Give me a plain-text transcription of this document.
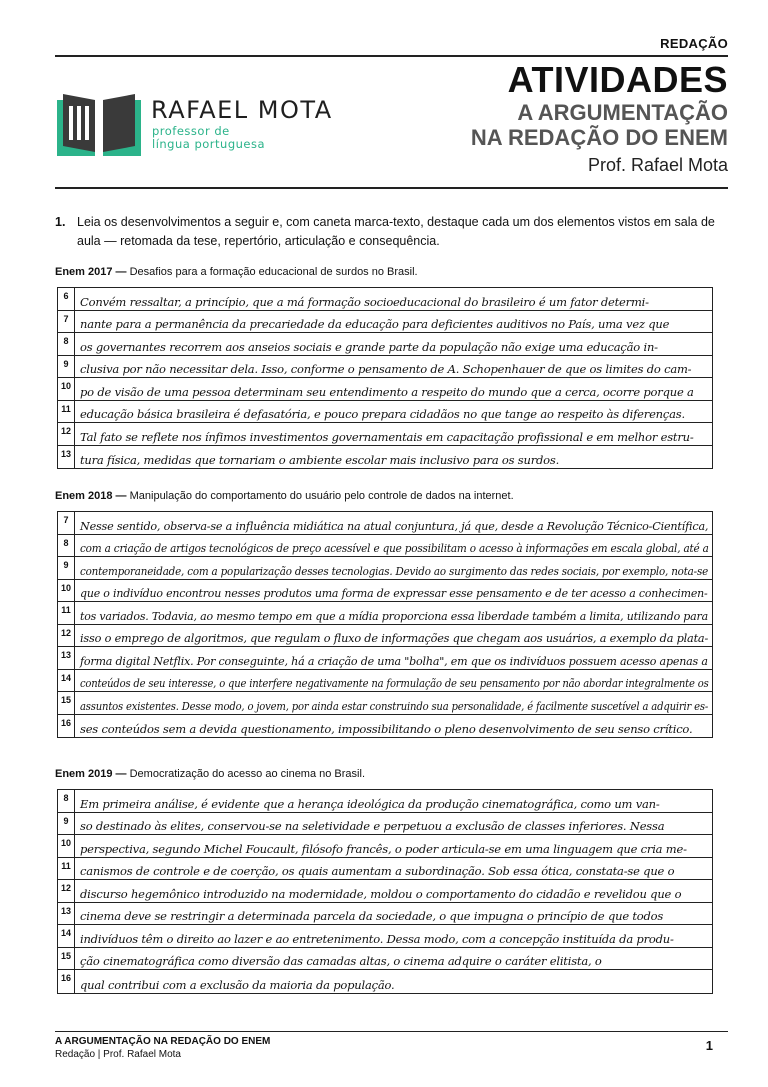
REDAÇÃO
RAFAEL MOTA
professor de
língua portuguesa
ATIVIDADES
A ARGUMENTAÇÃO
NA REDAÇÃO DO ENEM
Prof. Rafael Mota
1. Leia os desenvolvimentos a seguir e, com caneta marca-texto, destaque cada um dos elementos vistos em sala de aula — retomada da tese, repertório, articulação e consequência.
Enem 2017 — Desafios para a formação educacional de surdos no Brasil.
6	Convém ressaltar, a princípio, que a má formação socioeducacional do brasileiro é um fator determi-
7	nante para a permanência da precariedade da educação para deficientes auditivos no País, uma vez que
8	os governantes recorrem aos anseios sociais e grande parte da população não exige uma educação in-
9	clusiva por não necessitar dela. Isso, conforme o pensamento de A. Schopenhauer de que os limites do cam-
10 po de visão de uma pessoa determinam seu entendimento a respeito do mundo que a cerca, ocorre porque a
11 educação básica brasileira é defasatória, e pouco prepara cidadãos no que tange ao respeito às diferenças.
12 Tal fato se reflete nos ínfimos investimentos governamentais em capacitação profissional e em melhor estru-
13 tura física, medidas que tornariam o ambiente escolar mais inclusivo para os surdos.
Enem 2018 — Manipulação do comportamento do usuário pelo controle de dados na internet.
7	Nesse sentido, observa-se a influência midiática na atual conjuntura, já que, desde a Revolução Técnico-Científica,
8	com a criação de artigos tecnológicos de preço acessível e que possibilitam o acesso à informações em escala global, até a
9	contemporaneidade, com a popularização desses tecnologias. Devido ao surgimento das redes sociais, por exemplo, nota-se
10 que o indivíduo encontrou nesses produtos uma forma de expressar esse pensamento e de ter acesso a conhecimen-
11 tos variados. Todavia, ao mesmo tempo em que a mídia proporciona essa liberdade também a limita, utilizando para
12 isso o emprego de algoritmos, que regulam o fluxo de informações que chegam aos usuários, a exemplo da plata-
13 forma digital Netflix. Por conseguinte, há a criação de uma "bolha", em que os indivíduos possuem acesso apenas a
14 conteúdos de seu interesse, o que interfere negativamente na formulação de seu pensamento por não abordar integralmente os
15 assuntos existentes. Desse modo, o jovem, por ainda estar construindo sua personalidade, é facilmente suscetível a adquirir es-
16 ses conteúdos sem a devida questionamento, impossibilitando o pleno desenvolvimento de seu senso crítico.
Enem 2019 — Democratização do acesso ao cinema no Brasil.
8	Em primeira análise, é evidente que a herança ideológica da produção cinematográfica, como um van-
9	so destinado às elites, conservou-se na seletividade e perpetuou a exclusão de classes inferiores. Nessa
10 perspectiva, segundo Michel Foucault, filósofo francês, o poder articula-se em uma linguagem que cria me-
11 canismos de controle e de coerção, os quais aumentam a subordinação. Sob essa ótica, constata-se que o
12 discurso hegemônico introduzido na modernidade, moldou o comportamento do cidadão e revelidou que o
13 cinema deve se restringir a determinada parcela da sociedade, o que impugna o princípio de que todos
14 indivíduos têm o direito ao lazer e ao entretenimento. Dessa modo, com a concepção instituída da produ-
15 ção cinematográfica como diversão das camadas altas, o cinema adquire o caráter elitista, o
16 qual contribui com a exclusão da maioria da população.
A ARGUMENTAÇÃO NA REDAÇÃO DO ENEM
Redação | Prof. Rafael Mota
1
